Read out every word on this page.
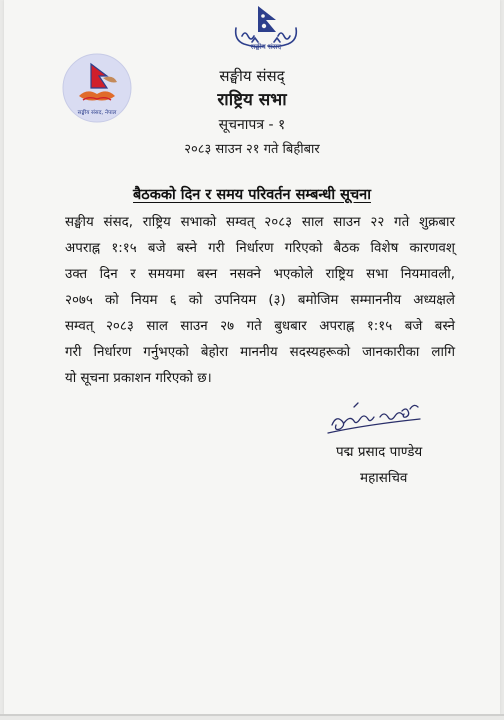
सङ्घीय संसद
सङ्घीय संसद, नेपाल
सङ्घीय संसद्
राष्ट्रिय सभा
सूचनापत्र - १
२०८३ साउन २१ गते बिहीबार
बैठकको दिन र समय परिवर्तन सम्बन्धी सूचना
सङ्घीय संसद, राष्ट्रिय सभाको सम्वत् २०८३ साल साउन २२ गते शुक्रबार
अपराह्न १:१५ बजे बस्ने गरी निर्धारण गरिएको बैठक विशेष कारणवश्
उक्त दिन र समयमा बस्न नसक्ने भएकोले राष्ट्रिय सभा नियमावली,
२०७५ को नियम ६ को उपनियम (३) बमोजिम सम्माननीय अध्यक्षले
सम्वत् २०८३ साल साउन २७ गते बुधबार अपराह्न १:१५ बजे बस्ने
गरी निर्धारण गर्नुभएको बेहोरा माननीय सदस्यहरूको जानकारीका लागि
यो सूचना प्रकाशन गरिएको छ।
पद्म प्रसाद पाण्डेय
महासचिव
